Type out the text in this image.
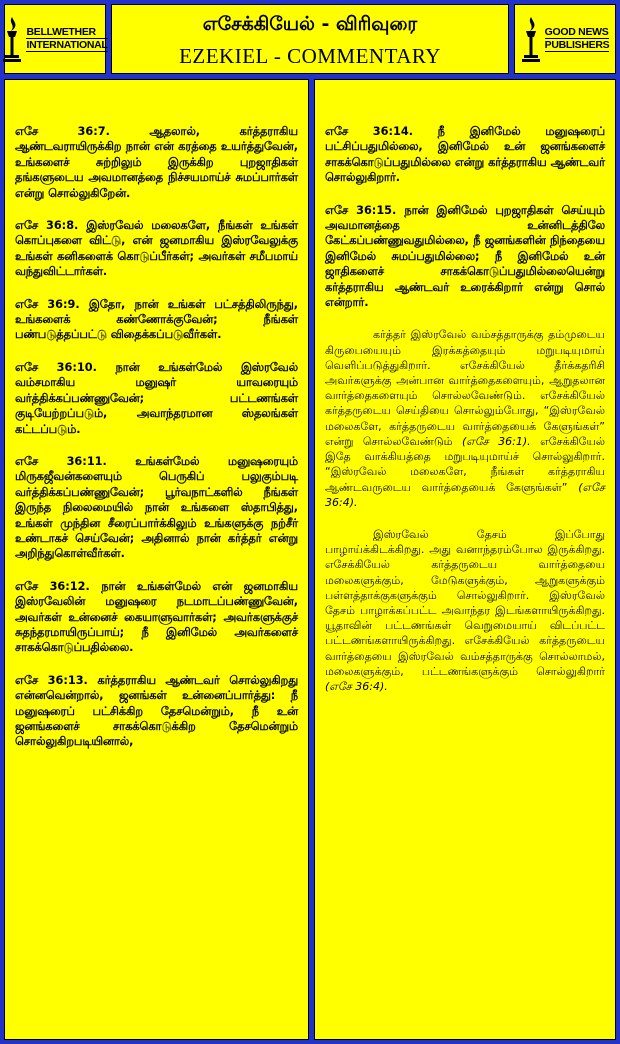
BELLWETHER
INTERNATIONAL
எசேக்கியேல் - விரிவுரை
EZEKIEL - COMMENTARY
GOOD NEWS
PUBLISHERS

எசே 36:7. ஆதலால், கர்த்தராகிய ஆண்டவராயிருக்கிற நான் என் கரத்தை உயர்த்துவேன், உங்களைச் சுற்றிலும் இருக்கிற புறஜாதிகள் தங்களுடைய அவமானத்தை நிச்சயமாய்ச் சுமப்பார்கள் என்று சொல்லுகிறேன்.

எசே 36:8. இஸ்ரவேல் மலைகளே, நீங்கள் உங்கள் கொப்புகளை விட்டு, என் ஜனமாகிய இஸ்ரவேலுக்கு உங்கள் கனிகளைக் கொடுப்பீர்கள்; அவர்கள் சமீபமாய் வந்துவிட்டார்கள்.

எசே 36:9. இதோ, நான் உங்கள் பட்சத்திலிருந்து, உங்களைக் கண்ணோக்குவேன்; நீங்கள் பண்படுத்தப்பட்டு விதைக்கப்படுவீர்கள்.

எசே 36:10. நான் உங்கள்மேல் இஸ்ரவேல் வம்சமாகிய மனுஷர் யாவரையும் வர்த்திக்கப்பண்ணுவேன்; பட்டணங்கள் குடியேற்றப்படும், அவாந்தரமான ஸ்தலங்கள் கட்டப்படும்.

எசே 36:11. உங்கள்மேல் மனுஷரையும் மிருகஜீவன்களையும் பெருகிப் பலுகும்படி வர்த்திக்கப்பண்ணுவேன்; பூர்வநாட்களில் நீங்கள் இருந்த நிலைமையில் நான் உங்களை ஸ்தாபித்து, உங்கள் முந்தின சீரைப்பார்க்கிலும் உங்களுக்கு நற்சீர் உண்டாகச் செய்வேன்; அதினால் நான் கர்த்தர் என்று அறிந்துகொள்வீர்கள்.

எசே 36:12. நான் உங்கள்மேல் என் ஜனமாகிய இஸ்ரவேலின் மனுஷரை நடமாடப்பண்ணுவேன், அவர்கள் உன்னைச் கையாளுவார்கள்; அவர்களுக்குச் சுதந்தரமாயிருப்பாய்; நீ இனிமேல் அவர்களைச் சாகக்கொடுப்பதில்லை.

எசே 36:13. கர்த்தராகிய ஆண்டவர் சொல்லுகிறது என்னவென்றால், ஜனங்கள் உன்னைப்பார்த்து: நீ மனுஷரைப் பட்சிக்கிற தேசமென்றும், நீ உன் ஜனங்களைச் சாகக்கொடுக்கிற தேசமென்றும் சொல்லுகிறபடியினால்,

எசே 36:14. நீ இனிமேல் மனுஷரைப் பட்சிப்பதுமில்லை, இனிமேல் உன் ஜனங்களைச் சாகக்கொடுப்பதுமில்லை என்று கர்த்தராகிய ஆண்டவர் சொல்லுகிறார்.

எசே 36:15. நான் இனிமேல் புறஜாதிகள் செய்யும் அவமானத்தை உன்னிடத்திலே கேட்கப்பண்ணுவதுமில்லை, நீ ஜனங்களின் நிந்தையை இனிமேல் சுமப்பதுமில்லை; நீ இனிமேல் உன் ஜாதிகளைச் சாகக்கொடுப்பதுமில்லையென்று கர்த்தராகிய ஆண்டவர் உரைக்கிறார் என்று சொல் என்றார்.

கர்த்தர் இஸ்ரவேல் வம்சத்தாருக்கு தம்முடைய கிருபையையும் இரக்கத்தையும் மறுபடியுமாய் வெளிப்படுத்துகிறார். எசேக்கியேல் தீர்க்கதரிசி அவர்களுக்கு அன்பான வார்த்தைகளையும், ஆறுதலான வார்த்தைகளையும் சொல்லவேண்டும். எசேக்கியேல் கர்த்தருடைய செய்தியை சொல்லும்போது, “இஸ்ரவேல் மலைகளே, கர்த்தருடைய வார்த்தையைக் கேளுங்கள்” என்று சொல்லவேண்டும் (எசே 36:1). எசேக்கியேல் இதே வாக்கியத்தை மறுபடியுமாய்ச் சொல்லுகிறார். “இஸ்ரவேல் மலைகளே, நீங்கள் கர்த்தராகிய ஆண்டவருடைய வார்த்தையைக் கேளுங்கள்” (எசே 36:4).

இஸ்ரவேல் தேசம் இப்போது பாழாய்க்கிடக்கிறது. அது வனாந்தரம்போல இருக்கிறது. எசேக்கியேல் கர்த்தருடைய வார்த்தையை மலைகளுக்கும், மேடுகளுக்கும், ஆறுகளுக்கும் பள்ளத்தாக்குகளுக்கும் சொல்லுகிறார். இஸ்ரவேல் தேசம் பாழாக்கப்பட்ட அவாந்தர இடங்களாயிருக்கிறது. யூதாவின் பட்டணங்கள் வெறுமையாய் விடப்பட்ட பட்டணங்களாயிருக்கிறது. எசேக்கியேல் கர்த்தருடைய வார்த்தையை இஸ்ரவேல் வம்சத்தாருக்கு சொல்லாமல், மலைகளுக்கும், பட்டணங்களுக்கும் சொல்லுகிறார் (எசே 36:4).
